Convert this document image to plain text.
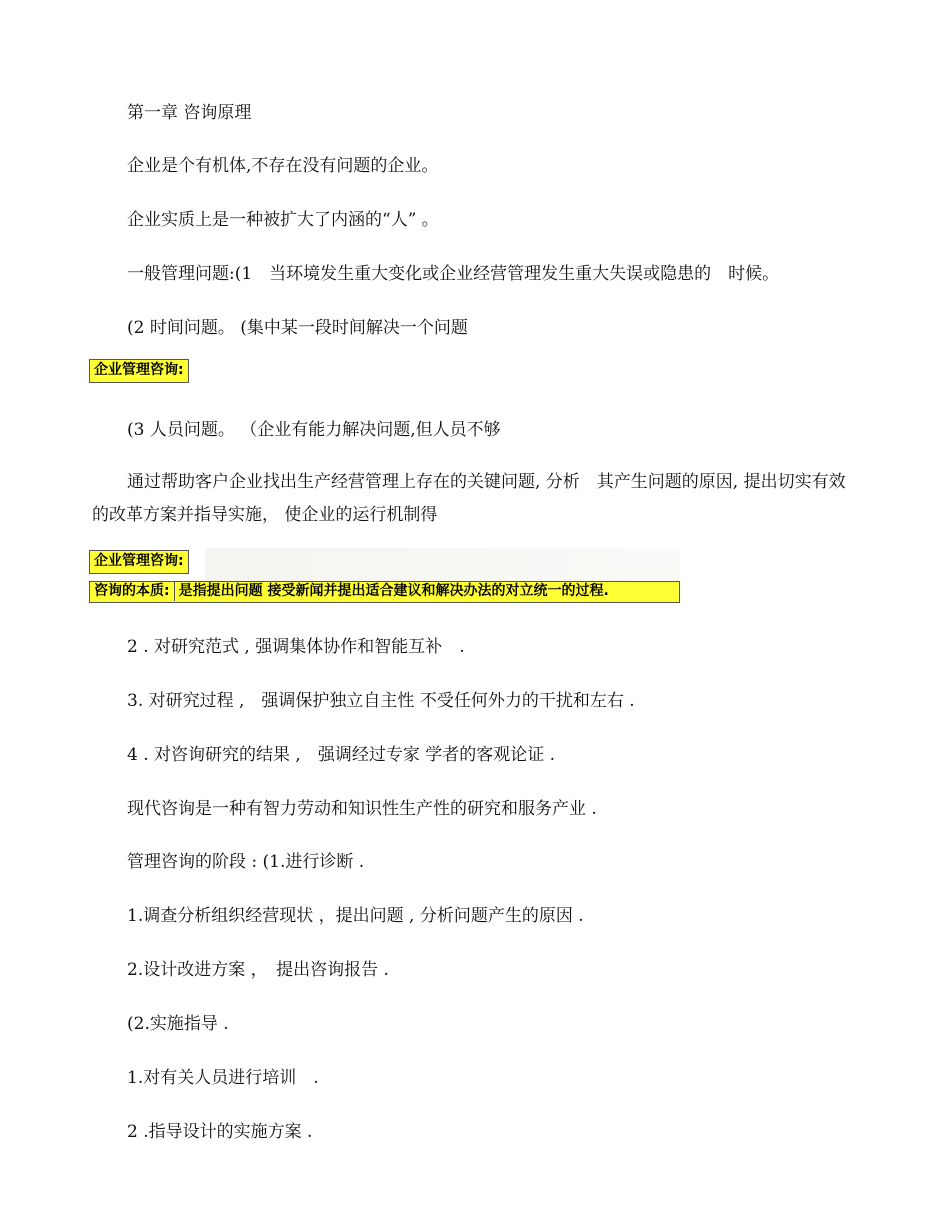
第一章 咨询原理
企业是个有机体,不存在没有问题的企业。
企业实质上是一种被扩大了内涵的“人” 。
一般管理问题:(1　当环境发生重大变化或企业经营管理发生重大失误或隐患的　时候。
(2 时间问题。 (集中某一段时间解决一个问题
企业管理咨询:
(3 人员问题。 （企业有能力解决问题,但人员不够
通过帮助客户企业找出生产经营管理上存在的关键问题, 分析　其产生问题的原因, 提出切实有效的改革方案并指导实施， 使企业的运行机制得
企业管理咨询:
咨询的本质: 是指提出问题 接受新闻并提出适合建议和解决办法的对立统一的过程.
2 . 对研究范式 , 强调集体协作和智能互补　.
3. 对研究过程 ,　强调保护独立自主性 不受任何外力的干扰和左右 .
4 . 对咨询研究的结果 ,　强调经过专家 学者的客观论证 .
现代咨询是一种有智力劳动和知识性生产性的研究和服务产业 .
管理咨询的阶段 : (1.进行诊断 .
1.调查分析组织经营现状 ，提出问题 , 分析问题产生的原因 .
2.设计改进方案 ，　提出咨询报告 .
(2.实施指导 .
1.对有关人员进行培训　.
2 .指导设计的实施方案 .
